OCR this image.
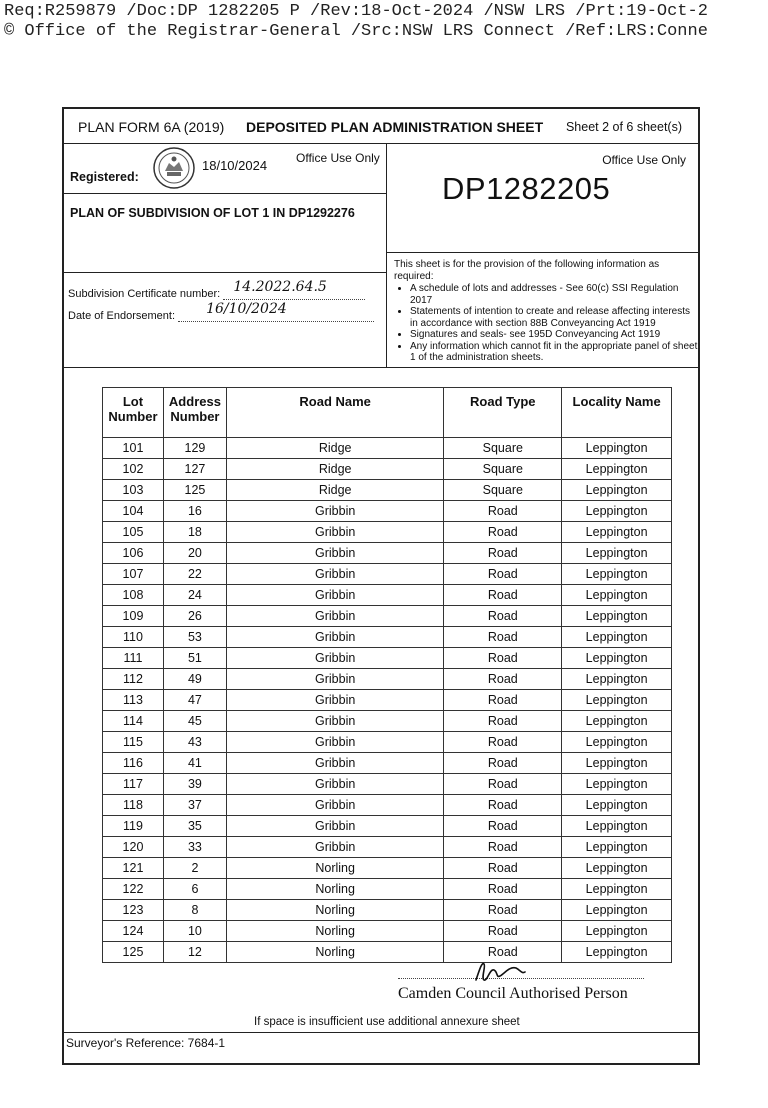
Req:R259879 /Doc:DP 1282205 P /Rev:18-Oct-2024 /NSW LRS /Prt:19-Oct-2
© Office of the Registrar-General /Src:NSW LRS Connect /Ref:LRS:Conne
PLAN FORM 6A (2019) DEPOSITED PLAN ADMINISTRATION SHEET Sheet 2 of 6 sheet(s)
Registered:
18/10/2024 Office Use Only	Office Use Only
DP1282205
PLAN OF SUBDIVISION OF LOT 1 IN DP1292276
Subdivision Certificate number: 14.2022.64.5
Date of Endorsement: 16/10/2024
This sheet is for the provision of the following information as required:
• A schedule of lots and addresses - See 60(c) SSI Regulation 2017
• Statements of intention to create and release affecting interests in accordance with section 88B Conveyancing Act 1919
• Signatures and seals- see 195D Conveyancing Act 1919
• Any information which cannot fit in the appropriate panel of sheet 1 of the administration sheets.
Lot Number	Address Number	Road Name	Road Type	Locality Name
101	129	Ridge	Square	Leppington
102	127	Ridge	Square	Leppington
103	125	Ridge	Square	Leppington
104	16	Gribbin	Road	Leppington
105	18	Gribbin	Road	Leppington
106	20	Gribbin	Road	Leppington
107	22	Gribbin	Road	Leppington
108	24	Gribbin	Road	Leppington
109	26	Gribbin	Road	Leppington
110	53	Gribbin	Road	Leppington
111	51	Gribbin	Road	Leppington
112	49	Gribbin	Road	Leppington
113	47	Gribbin	Road	Leppington
114	45	Gribbin	Road	Leppington
115	43	Gribbin	Road	Leppington
116	41	Gribbin	Road	Leppington
117	39	Gribbin	Road	Leppington
118	37	Gribbin	Road	Leppington
119	35	Gribbin	Road	Leppington
120	33	Gribbin	Road	Leppington
121	2	Norling	Road	Leppington
122	6	Norling	Road	Leppington
123	8	Norling	Road	Leppington
124	10	Norling	Road	Leppington
125	12	Norling	Road	Leppington
Camden Council Authorised Person
If space is insufficient use additional annexure sheet
Surveyor's Reference: 7684-1
